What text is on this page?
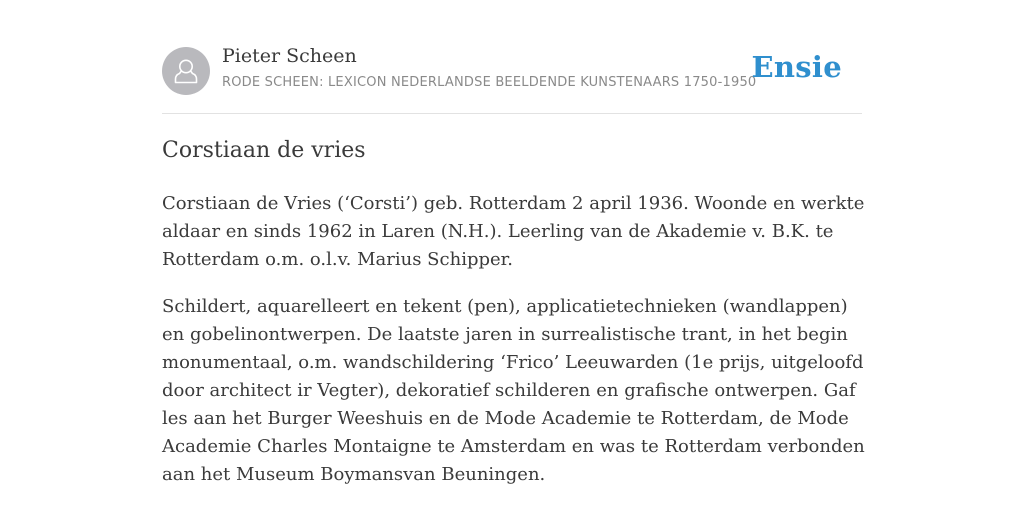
Pieter Scheen
RODE SCHEEN: LEXICON NEDERLANDSE BEELDENDE KUNSTENAARS 1750-1950
Ensie
Corstiaan de vries

Corstiaan de Vries (‘Corsti’) geb. Rotterdam 2 april 1936. Woonde en werkte aldaar en sinds 1962 in Laren (N.H.). Leerling van de Akademie v. B.K. te Rotterdam o.m. o.l.v. Marius Schipper.

Schildert, aquarelleert en tekent (pen), applicatietechnieken (wandlappen) en gobelinontwerpen. De laatste jaren in surrealistische trant, in het begin monumentaal, o.m. wandschildering ‘Frico’ Leeuwarden (1e prijs, uitgeloofd door architect ir Vegter), dekoratief schilderen en grafische ontwerpen. Gaf les aan het Burger Weeshuis en de Mode Academie te Rotterdam, de Mode Academie Charles Montaigne te Amsterdam en was te Rotterdam verbonden aan het Museum Boymansvan Beuningen.
